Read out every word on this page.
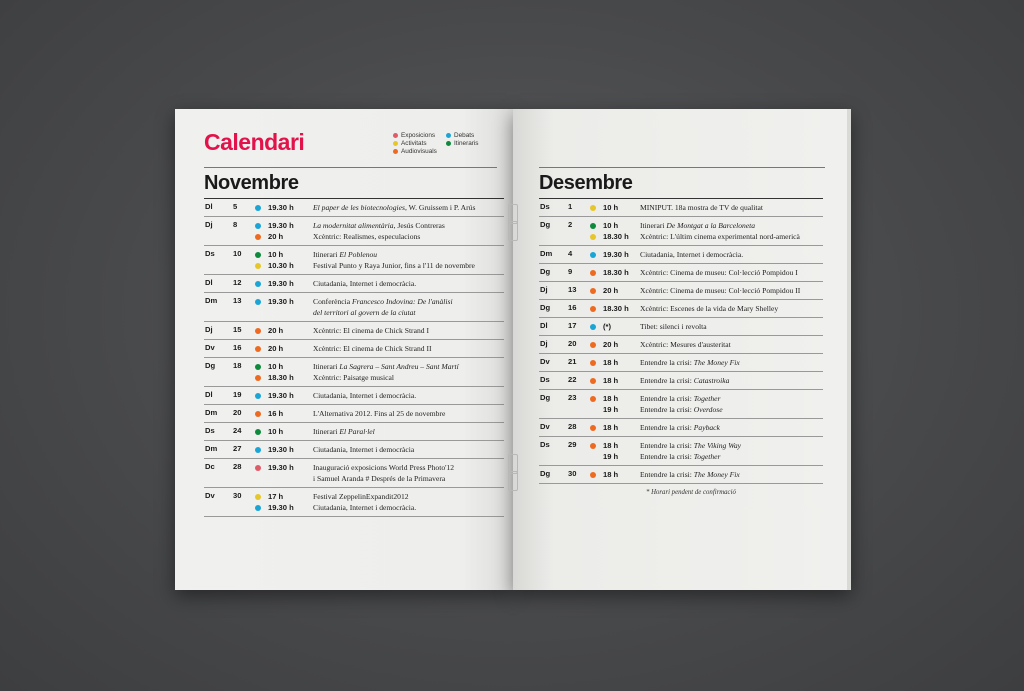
Calendari	Exposicions
Activitats
Audiovisuals
Debats
Itineraris
Novembre
Dl	5	19.30 h	El paper de les biotecnologies, W. Gruissem i P. Arús
Dj	8	19.30 h	La modernitat alimentària, Jesús Contreras
20 h	Xcèntric: Realismes, especulacions
Ds	10	10 h	Itinerari El Poblenou
10.30 h	Festival Punto y Raya Junior, fins a l'11 de novembre
Dl	12	19.30 h	Ciutadania, Internet i democràcia.
Dm	13	19.30 h	Conferència Francesco Indovina: De l'anàlisi
del territori al govern de la ciutat
Dj	15	20 h	Xcèntric: El cinema de Chick Strand I
Dv	16	20 h	Xcèntric: El cinema de Chick Strand II
Dg	18	10 h	Itinerari La Sagrera – Sant Andreu – Sant Martí
18.30 h	Xcèntric: Paisatge musical
Dl	19	19.30 h	Ciutadania, Internet i democràcia.
Dm	20	16 h	L'Alternativa 2012. Fins al 25 de novembre
Ds	24	10 h	Itinerari El Paral·lel
Dm	27	19.30 h	Ciutadania, Internet i democràcia
Dc	28	19.30 h	Inauguració exposicions World Press Photo'12
i Samuel Aranda # Després de la Primavera
Dv	30	17 h	Festival ZeppelinExpandit2012
19.30 h	Ciutadania, Internet i democràcia.
Desembre
Ds	1	10 h	MINIPUT. 18a mostra de TV de qualitat
Dg	2	10 h	Itinerari De Montgat a la Barceloneta
18.30 h	Xcèntric: L'últim cinema experimental nord-americà
Dm	4	19.30 h	Ciutadania, Internet i democràcia.
Dg	9	18.30 h	Xcèntric: Cinema de museu: Col·lecció Pompidou I
Dj	13	20 h	Xcèntric: Cinema de museu: Col·lecció Pompidou II
Dg	16	18.30 h	Xcèntric: Escenes de la vida de Mary Shelley
Dl	17	(*)	Tibet: silenci i revolta
Dj	20	20 h	Xcèntric: Mesures d'austeritat
Dv	21	18 h	Entendre la crisi: The Money Fix
Ds	22	18 h	Entendre la crisi: Catastroika
Dg	23	18 h	Entendre la crisi: Together
19 h	Entendre la crisi: Overdose
Dv	28	18 h	Entendre la crisi: Payback
Ds	29	18 h	Entendre la crisi: The Viking Way
19 h	Entendre la crisi: Together
Dg	30	18 h	Entendre la crisi: The Money Fix
* Horari pendent de confirmació
